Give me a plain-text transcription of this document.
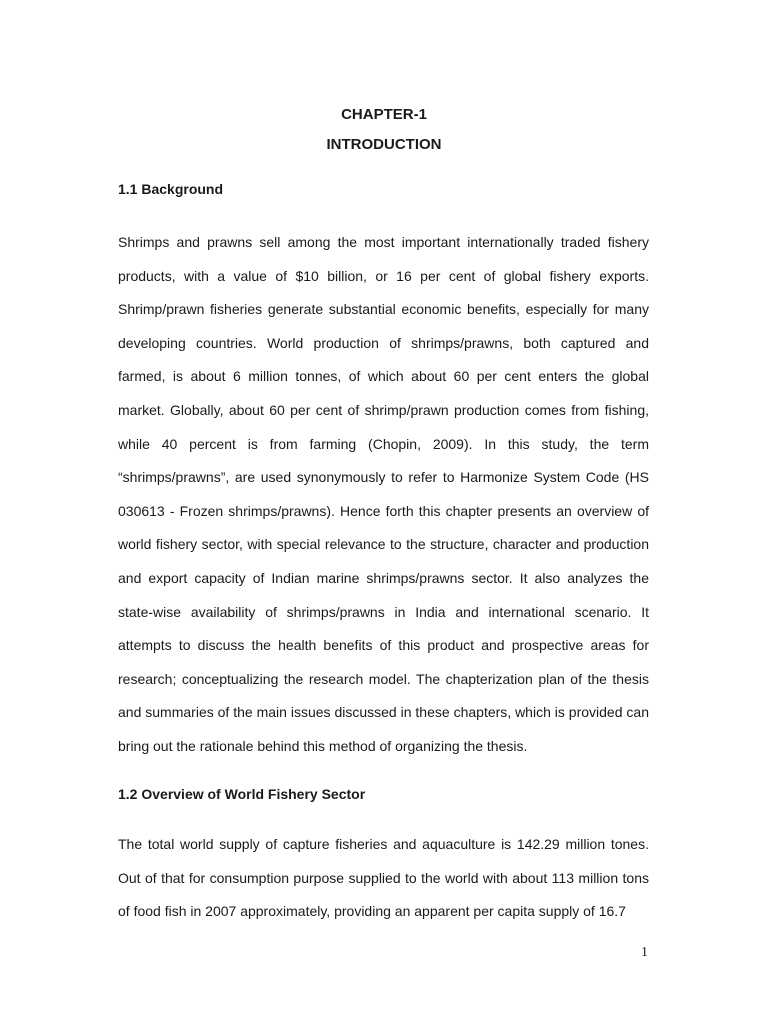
CHAPTER-1
INTRODUCTION
1.1 Background

Shrimps and prawns sell among the most important internationally traded fishery products, with a value of $10 billion, or 16 per cent of global fishery exports. Shrimp/prawn fisheries generate substantial economic benefits, especially for many developing countries. World production of shrimps/prawns, both captured and farmed, is about 6 million tonnes, of which about 60 per cent enters the global market. Globally, about 60 per cent of shrimp/prawn production comes from fishing, while 40 percent is from farming (Chopin, 2009). In this study, the term “shrimps/prawns”, are used synonymously to refer to Harmonize System Code (HS 030613 - Frozen shrimps/prawns). Hence forth this chapter presents an overview of world fishery sector, with special relevance to the structure, character and production and export capacity of Indian marine shrimps/prawns sector. It also analyzes the state-wise availability of shrimps/prawns in India and international scenario. It attempts to discuss the health benefits of this product and prospective areas for research; conceptualizing the research model. The chapterization plan of the thesis and summaries of the main issues discussed in these chapters, which is provided can bring out the rationale behind this method of organizing the thesis.

1.2 Overview of World Fishery Sector

The total world supply of capture fisheries and aquaculture is 142.29 million tones. Out of that for consumption purpose supplied to the world with about 113 million tons of food fish in 2007 approximately, providing an apparent per capita supply of 16.7

1
